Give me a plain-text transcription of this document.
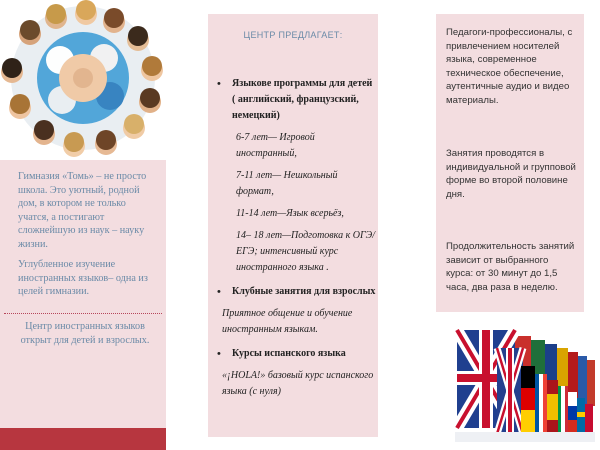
Гимназия «Томь» – не просто школа. Это уютный, родной дом, в котором не только учатся, а постигают сложнейшую из наук – науку жизни.

Углубленное изучение иностранных языков– одна из целей гимназии.

Центр иностранных языков открыт для детей и взрослых.
ЦЕНТР ПРЕДЛАГАЕТ:
• Языкове программы для детей ( английский, французский, немецкий)
6-7 лет— Игровой иностранный,
7-11 лет— Нешкольный формат,
11-14 лет—Язык всерьёз,
14– 18 лет—Подготовка к ОГЭ/ЕГЭ; интенсивный курс иностранного языка .
• Клубные занятия для взрослых
Приятное общение и обучение иностранным языкам.
• Курсы испанского языка
«¡HOLA!» базовый курс испанского языка (с нуля)

Педагоги-профессионалы, с привлечением носителей языка, современное техническое обеспечение, аутентичные аудио и видео материалы.

Занятия проводятся в индивидуальной и групповой форме во второй половине дня.

Продолжительность занятий зависит от выбранного курса: от 30 минут до 1,5 часа, два раза в неделю.
